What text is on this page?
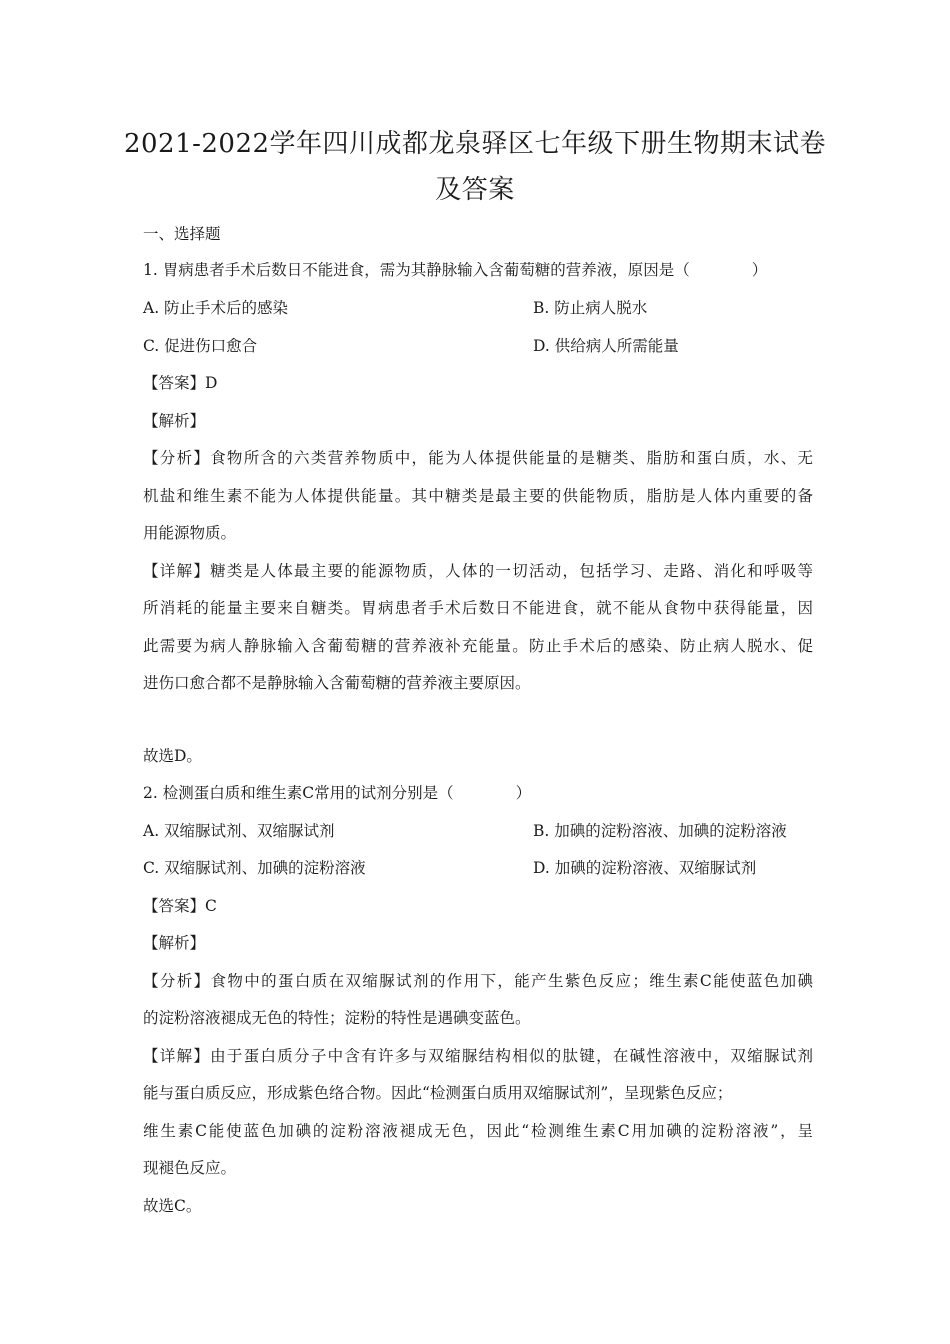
2021-2022学年四川成都龙泉驿区七年级下册生物期末试卷
及答案
一、选择题
1. 胃病患者手术后数日不能进食，需为其静脉输入含葡萄糖的营养液，原因是（　　　　）
A. 防止手术后的感染	B. 防止病人脱水
C. 促进伤口愈合	D. 供给病人所需能量
【答案】D
【解析】
【分析】食物所含的六类营养物质中，能为人体提供能量的是糖类、脂肪和蛋白质，水、无
机盐和维生素不能为人体提供能量。其中糖类是最主要的供能物质，脂肪是人体内重要的备
用能源物质。
【详解】糖类是人体最主要的能源物质，人体的一切活动，包括学习、走路、消化和呼吸等
所消耗的能量主要来自糖类。胃病患者手术后数日不能进食，就不能从食物中获得能量，因
此需要为病人静脉输入含葡萄糖的营养液补充能量。防止手术后的感染、防止病人脱水、促
进伤口愈合都不是静脉输入含葡萄糖的营养液主要原因。
故选D。
2. 检测蛋白质和维生素C常用的试剂分别是（　　　　）
A. 双缩脲试剂、双缩脲试剂	B. 加碘的淀粉溶液、加碘的淀粉溶液
C. 双缩脲试剂、加碘的淀粉溶液	D. 加碘的淀粉溶液、双缩脲试剂
【答案】C
【解析】
【分析】食物中的蛋白质在双缩脲试剂的作用下，能产生紫色反应；维生素C能使蓝色加碘
的淀粉溶液褪成无色的特性；淀粉的特性是遇碘变蓝色。
【详解】由于蛋白质分子中含有许多与双缩脲结构相似的肽键，在碱性溶液中，双缩脲试剂
能与蛋白质反应，形成紫色络合物。因此“检测蛋白质用双缩脲试剂”，呈现紫色反应；
维生素C能使蓝色加碘的淀粉溶液褪成无色，因此“检测维生素C用加碘的淀粉溶液”，呈
现褪色反应。
故选C。
